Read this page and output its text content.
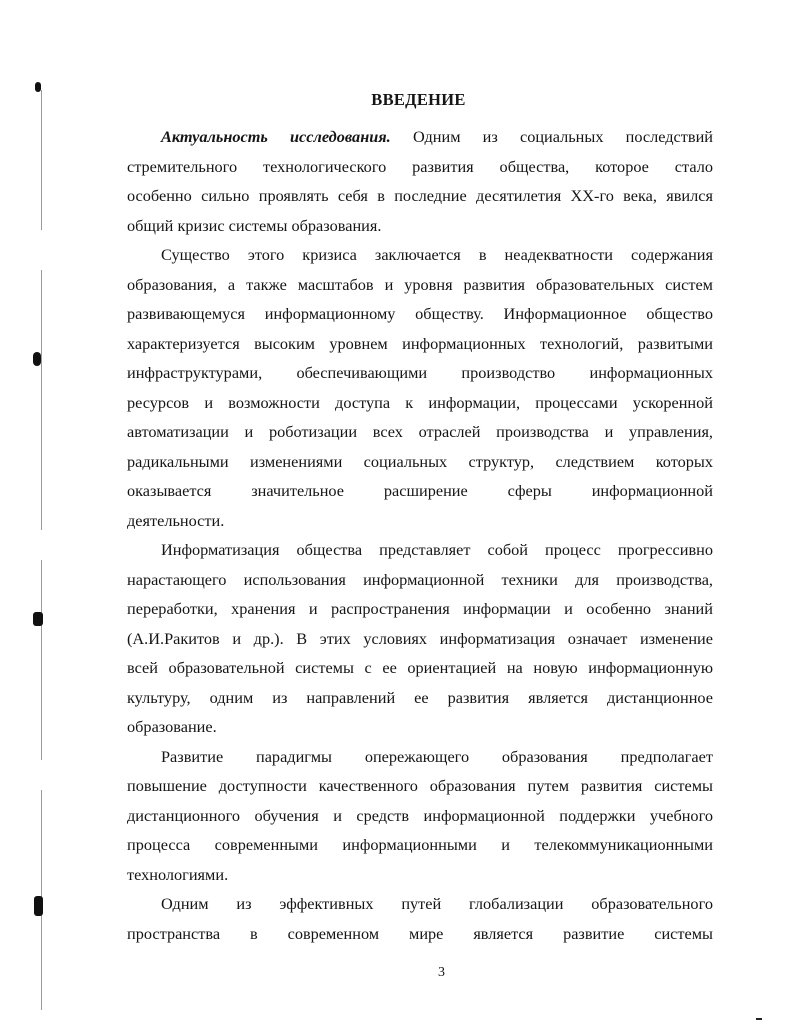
ВВЕДЕНИЕ
Актуальность исследования. Одним из социальных последствий
стремительного технологического развития общества, которое стало
особенно сильно проявлять себя в последние десятилетия XX-го века, явился
общий кризис системы образования.
Существо этого кризиса заключается в неадекватности содержания
образования, а также масштабов и уровня развития образовательных систем
развивающемуся информационному обществу. Информационное общество
характеризуется высоким уровнем информационных технологий, развитыми
инфраструктурами, обеспечивающими производство информационных
ресурсов и возможности доступа к информации, процессами ускоренной
автоматизации и роботизации всех отраслей производства и управления,
радикальными изменениями социальных структур, следствием которых
оказывается значительное расширение сферы информационной
деятельности.
Информатизация общества представляет собой процесс прогрессивно
нарастающего использования информационной техники для производства,
переработки, хранения и распространения информации и особенно знаний
(А.И.Ракитов и др.). В этих условиях информатизация означает изменение
всей образовательной системы с ее ориентацией на новую информационную
культуру, одним из направлений ее развития является дистанционное
образование.
Развитие парадигмы опережающего образования предполагает
повышение доступности качественного образования путем развития системы
дистанционного обучения и средств информационной поддержки учебного
процесса современными информационными и телекоммуникационными
технологиями.
Одним из эффективных путей глобализации образовательного
пространства в современном мире является развитие системы
3
